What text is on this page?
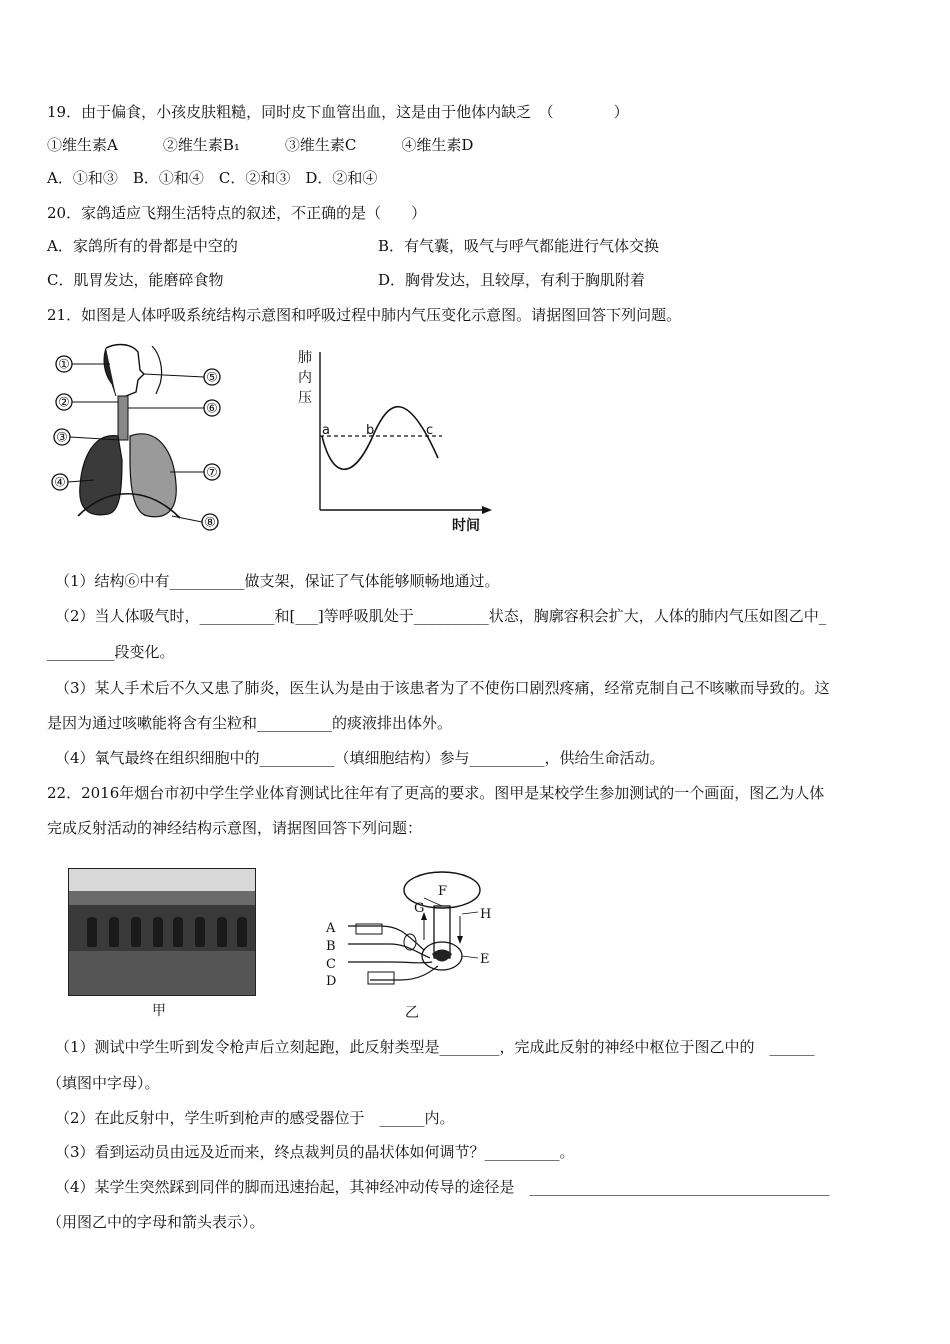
19．由于偏食，小孩皮肤粗糙，同时皮下血管出血，这是由于他体内缺乏　（　　　　）
①维生素A　　　②维生素B₁　　　③维生素C　　　④维生素D
A．①和③　B．①和④　C．②和③　D．②和④
20．家鸽适应飞翔生活特点的叙述，不正确的是（　　）
A．家鸽所有的骨都是中空的	B．有气囊，吸气与呼气都能进行气体交换
C．肌胃发达，能磨碎食物	D．胸骨发达，且较厚，有利于胸肌附着
21．如图是人体呼吸系统结构示意图和呼吸过程中肺内气压变化示意图。请据图回答下列问题。
①
②
③
④
⑤
⑥
⑦
⑧
肺
内
压
时间
a	b	c
（1）结构⑥中有__________做支架，保证了气体能够顺畅地通过。
（2）当人体吸气时，__________和[___]等呼吸肌处于__________状态，胸廓容积会扩大，人体的肺内气压如图乙中_
_________段变化。
（3）某人手术后不久又患了肺炎，医生认为是由于该患者为了不使伤口剧烈疼痛，经常克制自己不咳嗽而导致的。这
是因为通过咳嗽能将含有尘粒和__________的痰液排出体外。
（4）氧气最终在组织细胞中的__________（填细胞结构）参与__________，供给生命活动。
22．2016年烟台市初中学生学业体育测试比往年有了更高的要求。图甲是某校学生参加测试的一个画面，图乙为人体
完成反射活动的神经结构示意图，请据图回答下列问题：
甲
F
G	H
A
B
C
D
E
乙
（1）测试中学生听到发令枪声后立刻起跑，此反射类型是________，完成此反射的神经中枢位于图乙中的　______
（填图中字母）。
（2）在此反射中，学生听到枪声的感受器位于　______内。
（3）看到运动员由远及近而来，终点裁判员的晶状体如何调节？__________。
（4）某学生突然踩到同伴的脚而迅速抬起，其神经冲动传导的途径是　________________________________________
（用图乙中的字母和箭头表示）。
